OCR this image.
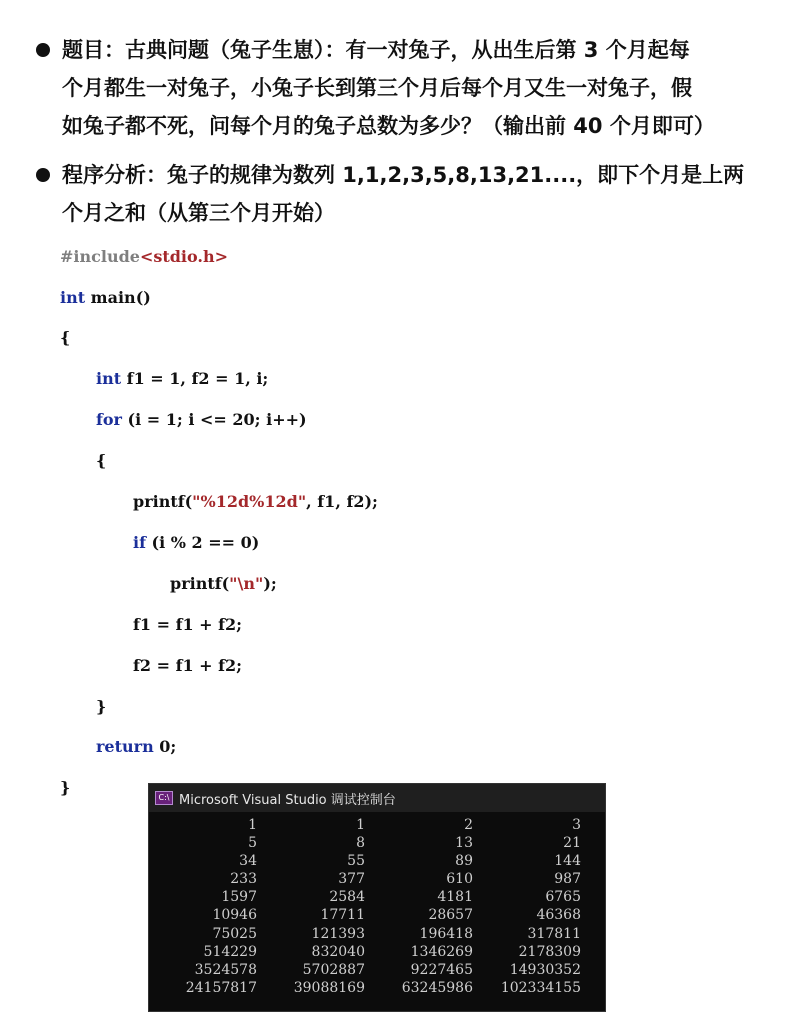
题目：古典问题（兔子生崽）：有一对兔子，从出生后第 3 个月起每
个月都生一对兔子，小兔子长到第三个月后每个月又生一对兔子，假
如兔子都不死，问每个月的兔子总数为多少？（输出前 40 个月即可）
程序分析：兔子的规律为数列 1,1,2,3,5,8,13,21....，即下个月是上两
个月之和（从第三个月开始）
#include<stdio.h>
int main()
{
int f1 = 1, f2 = 1, i;
for (i = 1; i <= 20; i++)
{
printf("%12d%12d", f1, f2);
if (i % 2 == 0)
printf("\n");
f1 = f1 + f2;
f2 = f1 + f2;
}
return 0;
}
C:\ Microsoft Visual Studio 调试控制台
1	1	2	3
5	8	13	21
34	55	89	144
233	377	610	987
1597	2584	4181	6765
10946	17711	28657	46368
75025	121393	196418	317811
514229	832040	1346269	2178309
3524578	5702887	9227465	14930352
24157817	39088169	63245986	102334155
